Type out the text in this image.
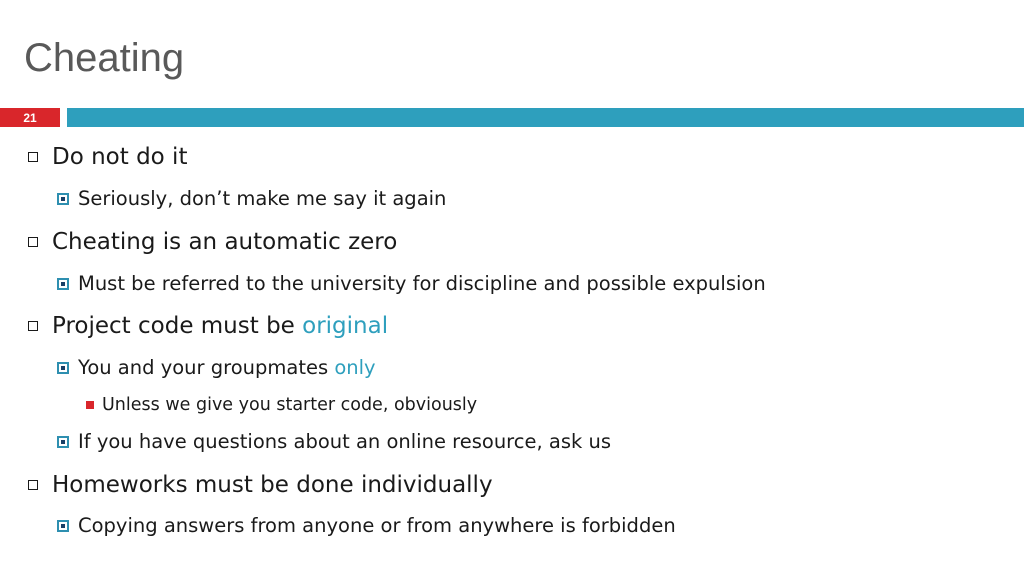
Cheating
21
Do not do it
Seriously, don’t make me say it again
Cheating is an automatic zero
Must be referred to the university for discipline and possible expulsion
Project code must be original
You and your groupmates only
Unless we give you starter code, obviously
If you have questions about an online resource, ask us
Homeworks must be done individually
Copying answers from anyone or from anywhere is forbidden
